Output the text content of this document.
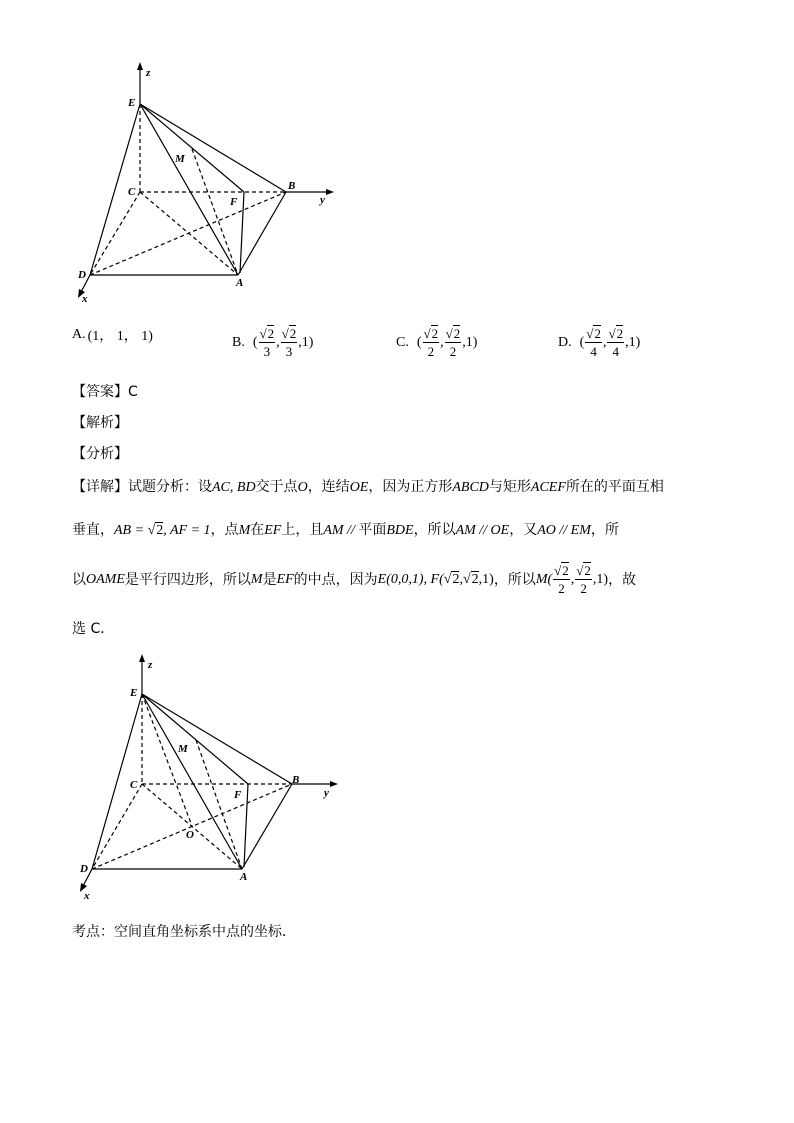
z
y
x
E
M
C
F
B
D
A
A. (1， 1， 1)	B. ( $\frac{√2}{3}$ , $\frac{√2}{3}$ , 1)	C. ( $\frac{√2}{2}$ , $\frac{√2}{2}$ , 1)	D. ( $\frac{√2}{4}$ , $\frac{√2}{4}$ , 1)
【答案】C
【解析】
【分析】
【详解】试题分析：设AC, BD交于点O，连结OE，因为正方形ABCD与矩形ACEF所在的平面互相
垂直，AB = √2, AF = 1，点M在EF上，且AM // 平面BDE，所以AM // OE，又AO // EM，所
以 OAME 是平行四边形，所以 M 是 EF 的中点，因为 E(0,0,1), F( √2,√2 ,1) ，所以 $M( \frac{√2}{2}$ , $\frac{√2}{2} ,1$) ，故
选 C．
z
y
x
E
M
C
F
B
D
A
O
考点：空间直角坐标系中点的坐标．
